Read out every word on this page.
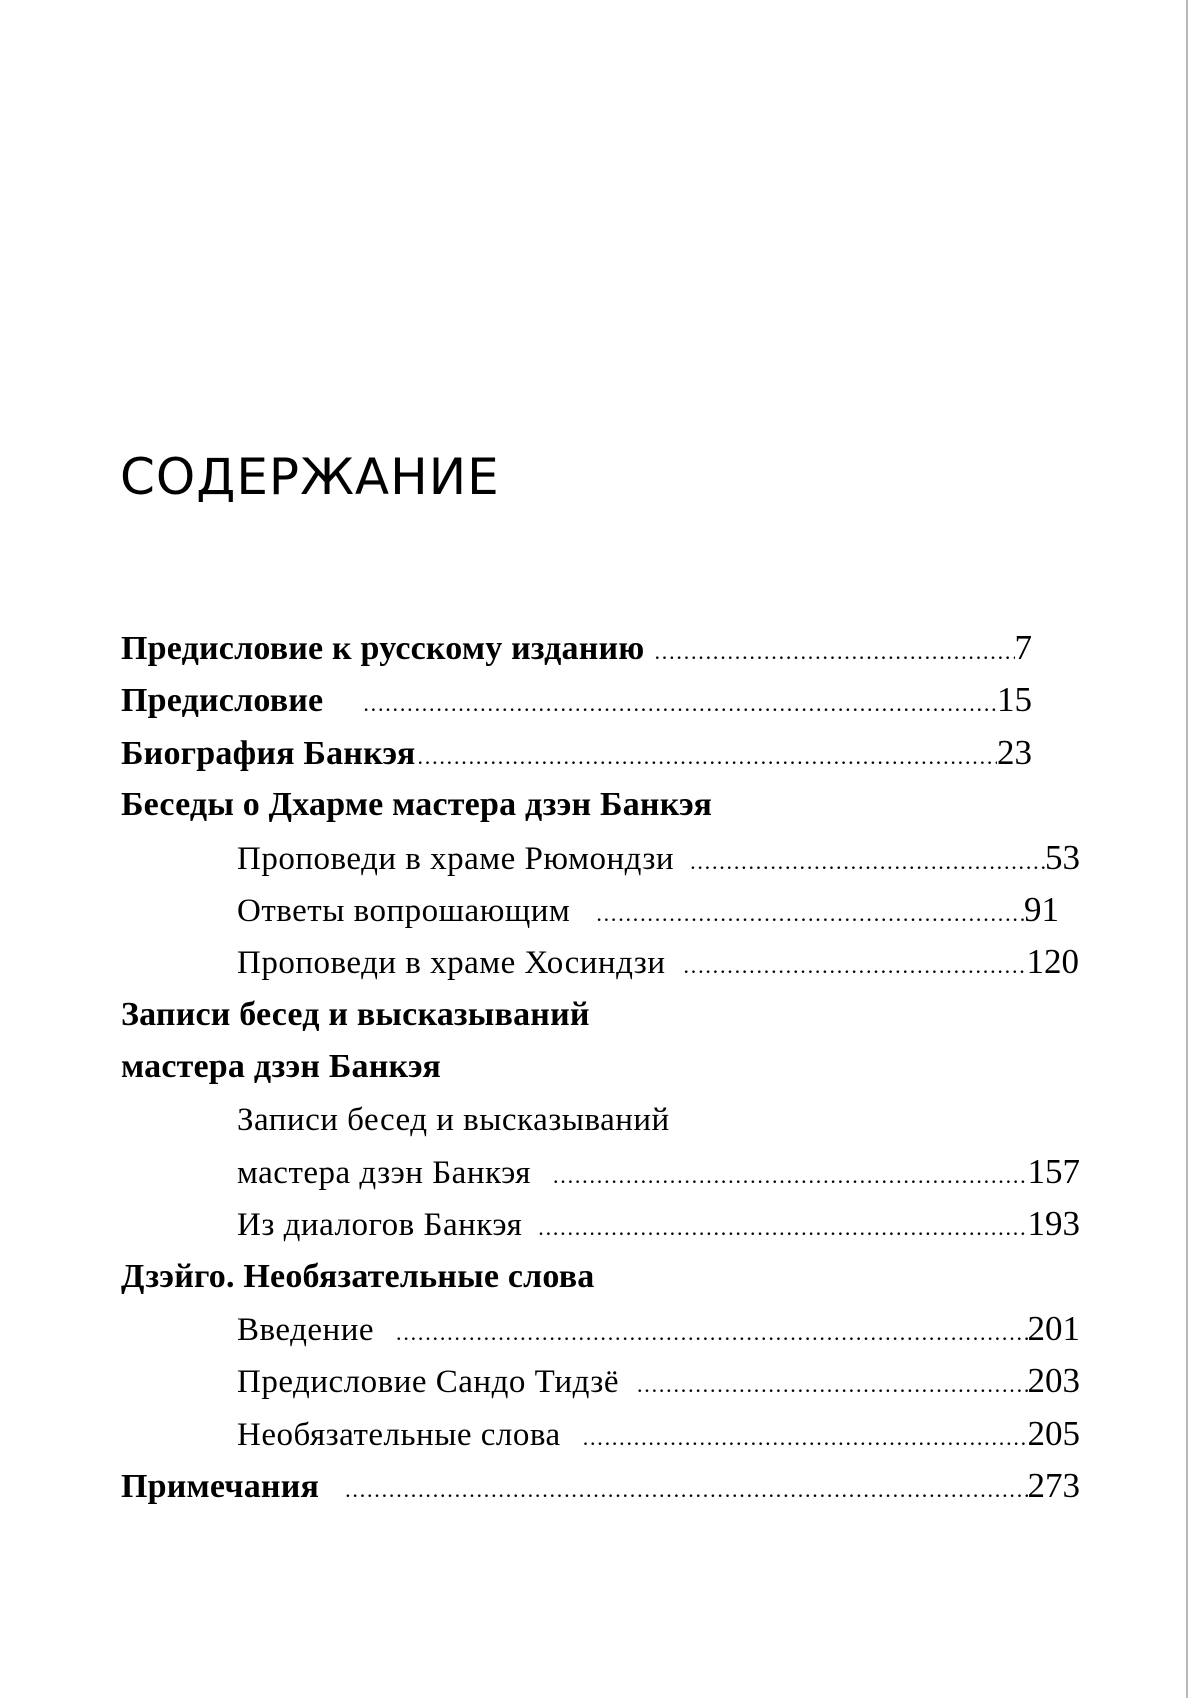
СОДЕРЖАНИЕ
Предисловие к русскому изданию .....	7
Предисловие .....	15
Биография Банкэя .....	23
Беседы о Дхарме мастера дзэн Банкэя
Проповеди в храме Рюмондзи .....	53
Ответы вопрошающим .....	91
Проповеди в храме Хосиндзи .....	120
Записи бесед и высказываний
мастера дзэн Банкэя
Записи бесед и высказываний
мастера дзэн Банкэя .....	157
Из диалогов Банкэя .....	193
Дзэйго. Необязательные слова
Введение .....	201
Предисловие Сандо Тидзё .....	203
Необязательные слова .....	205
Примечания .....	273
